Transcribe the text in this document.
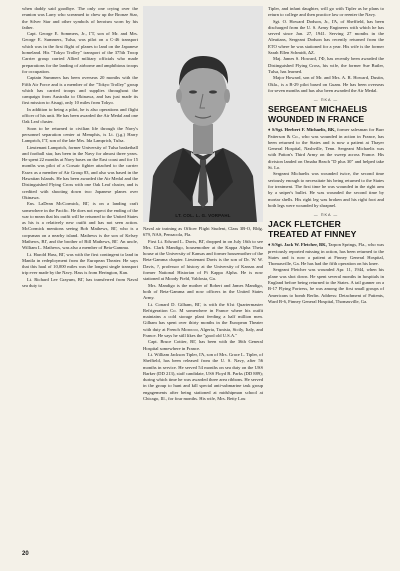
when daddy said goodbye. The only one crying over the reunion was Larry who screamed to chew up the Bronze Star, the Silver Star and other symbols of heroism worn by his father.

Capt. George E. Sommers, Jr., ΓΤ, son of Mr. and Mrs. George E. Summers, Tulsa, was pilot on a C-46 transport which was in the first flight of planes to land on the Japanese homeland. His "Tokyo Trolley" transport of the 375th Troop Carrier group carried Allied military officials who made preparations for the landing of airborne and amphibious troops for occupation.

Captain Summers has been overseas 20 months with the Fifth Air Force and is a member of the "Tokyo Trolley" group which has carried troops and supplies throughout the campaign from Australia to Okinawa, and has just made its first mission to Atsugi, only 10 miles from Tokyo.

In addition to being a pilot, he is also operations and flight officer of his unit. He has been awarded the Air Medal and one Oak Leaf cluster.

Soon to be returned to civilian life through the Navy's personnel separation center at Memphis, is Lt. (j.g.) Harry Lamprich, ΓΤ, son of the late Mrs. Ida Lamprich, Tulsa.

Lieutenant Lamprich, former University of Tulsa basketball and football star, has been in the Navy for almost three years. He spent 22 months at Navy bases on the East coast and for 15 months was pilot of a Corsair fighter attached to the carrier Essex as a member of Air Group 83, and also was based in the Hawaiian Islands. He has been awarded the Air Medal and the Distinguished Flying Cross with one Oak Leaf cluster, and is credited with shooting down two Japanese planes over Okinawa.

Ens. LaDean McCormick, ΒΓ, is on a landing craft somewhere in the Pacific. He does not expect the ending of the war to mean that his outfit will be returned to the United States as his is a relatively new outfit and has not seen action. McCormick mentions seeing Bob Mathews, ΒΓ, who is a corpsman on a nearby island. Mathews is the son of Kelsey Mathews, ΒΓ, and the brother of Bill Mathews, ΒΓ. An uncle, William L. Mathews, was also a member of Beta-Gamma.

Lt. Harold Hass, ΒΓ, was with the first contingent to land in Manila in redeployment from the European Theater. He says that this haul of 10,000 miles was the longest single transport trip ever made by the Navy. Hass is from Herington, Kan.

Lt. Richard Lee Grayum, ΒΓ, has transferred from Naval sea duty to

LT. COL. L. G. VORPAHL

Naval air training as Officer Flight Student, Class 3B-O, Bldg. 679, NAS, Pensacola, Fla.

First Lt. Edward L. Davis, ΒΓ, dropped in on July 16th to see Mrs. Clark Mandigo, housemother at the Kappa Alpha Theta house at the University of Kansas and former housemother of the Beta-Gamma chapter. Lieutenant Davis is the son of Dr. W. W. Davis, ?, professor of history at the University of Kansas and former National Historian of Pi Kappa Alpha. He is now stationed at Moody Field, Valdosta, Ga.

Mrs. Mandigo is the mother of Robert and James Mandigo, both of Beta-Gamma and now officers in the United States Army.

Lt. Conard D. Gilham, ΒΓ, is with the 61st Quartermaster Refrigeration Co. M somewhere in France where his outfit maintains a cold storage plant feeding a half million men. Gilham has spent over thirty months in the European Theater with duty at French Morocco, Algeria, Tunisia, Sicily, Italy, and France. He says he still likes the "good old U.S.A."

Capt. Bruce Cottier, ΒΓ, has been with the 36th General Hospital somewhere in France.

Lt. William Jackson Tipler, ΓΑ, son of Mrs. Grace L. Tipler, of Sheffield, has been released from the U. S. Navy, after 56 months in service. He served 54 months on sea duty on the USS Barker (DD 213), staff candidate, USS Floyd B. Parks (DD 889); during which time he was awarded three area ribbons. He served in the group to hunt and kill special anti-submarine task group engagements after being stationed at midshipman school at Chicago, Ill., for four months. His wife, Mrs. Betty Lou

Tipler, and infant daughter, will go with Tipler as he plans to return to college and then practice law or reenter the Navy.

Sgt. O. Howard Dodson, Jr., ΓΑ, of Sheffield, has been discharged from the U. S. Army Engineers with which he has served since Jan. 27, 1941. Serving 27 months in the Aleutians, Sergeant Dodson has recently returned from the ETO where he was stationed for a year. His wife is the former Sarah Ellen Schmidt, ΔΖ.

Maj. James S. Howard, ΓΦ, has recently been awarded the Distinguished Flying Cross, his wife, the former Sue Butler, Tulsa, has learned.

Major Howard, son of Mr. and Mrs. A. R. Howard, Dustin, Okla., is a B-29 pilot based on Guam. He has been overseas for seven months and has also been awarded the Air Medal.

— ΠΚΑ —
SERGEANT MICHAELIS WOUNDED IN FRANCE

♦ S/Sgt. Herbert F. Michaelis, BK, former salesman for Burr Patterson & Co., who was wounded in action in France, has been returned to the States and is now a patient at Thayer General Hospital, Nashville, Tenn. Sergeant Michaelis was with Patton's Third Army on the sweep across France. His division landed on Omaha Beach "D plus 30" and helped take St. Lo.

Sergeant Michaelis was wounded twice, the second time seriously enough to necessitate his being returned to the States for treatment. The first time he was wounded in the right arm by a sniper's bullet. He was wounded the second time by mortar shells. His right leg was broken and his right foot and both legs were wounded by shrapnel.

— ΠΚΑ —
JACK FLETCHER TREATED AT FINNEY

♦ S/Sgt. Jack W. Fletcher, BK, Tarpon Springs, Fla., who was previously reported missing in action, has been returned to the States and is now a patient at Finney General Hospital, Thomasville, Ga. He has had the fifth operation on his knee.

Sergeant Fletcher was wounded Apr. 11, 1944, when his plane was shot down. He spent several months in hospitals in England before being returned to the States. A tail gunner on a B-17 Flying Fortress, he was among the first small groups of Americans to bomb Berlin. Address: Detachment of Patients, Ward B-6, Finney General Hospital, Thomasville, Ga.

20
